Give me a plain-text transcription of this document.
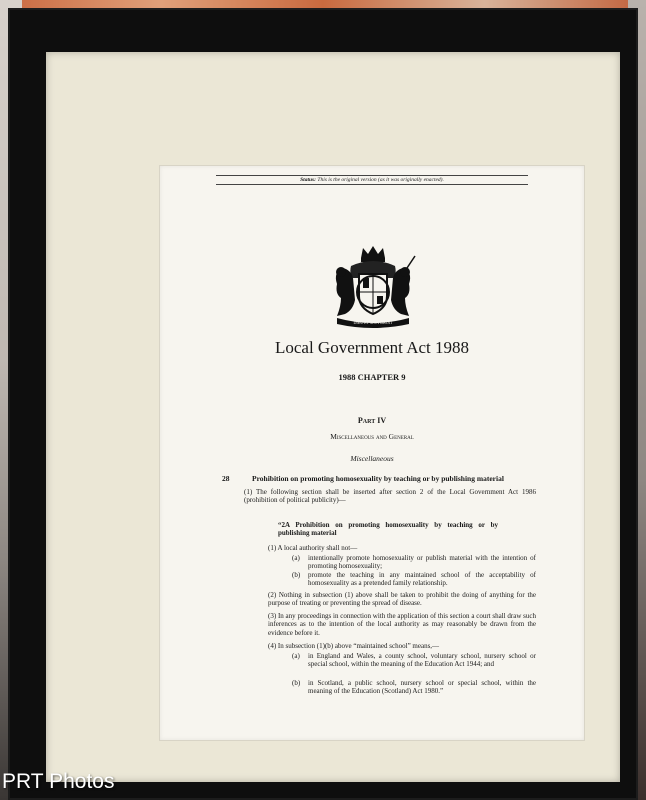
Status: This is the original version (as it was originally enacted).
DIEU ET MON DROIT
Local Government Act 1988
1988 CHAPTER 9
Part IV
Miscellaneous and General
Miscellaneous
28	Prohibition on promoting homosexuality by teaching or by publishing material
(1) The following section shall be inserted after section 2 of the Local Government Act 1986 (prohibition of political publicity)—
“2A Prohibition on promoting homosexuality by teaching or by publishing material
(1) A local authority shall not—
(a) intentionally promote homosexuality or publish material with the intention of promoting homosexuality;
(b) promote the teaching in any maintained school of the acceptability of homosexuality as a pretended family relationship.
(2) Nothing in subsection (1) above shall be taken to prohibit the doing of anything for the purpose of treating or preventing the spread of disease.
(3) In any proceedings in connection with the application of this section a court shall draw such inferences as to the intention of the local authority as may reasonably be drawn from the evidence before it.
(4) In subsection (1)(b) above “maintained school” means,—
(a) in England and Wales, a county school, voluntary school, nursery school or special school, within the meaning of the Education Act 1944; and
(b) in Scotland, a public school, nursery school or special school, within the meaning of the Education (Scotland) Act 1980.”
PRT Photos
